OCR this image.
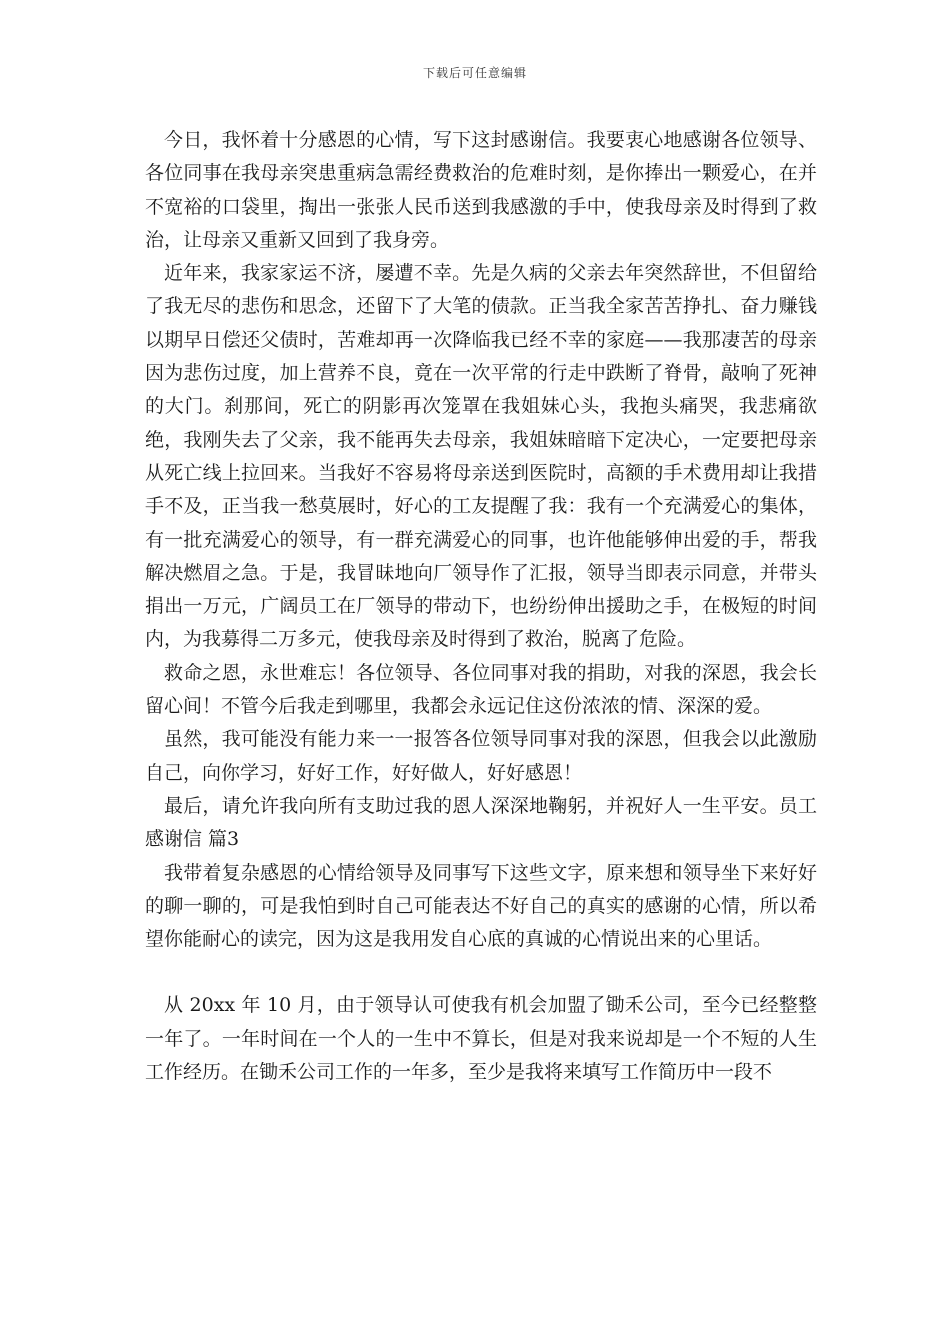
下载后可任意编辑

今日，我怀着十分感恩的心情，写下这封感谢信。我要衷心地感谢各位领导、各位同事在我母亲突患重病急需经费救治的危难时刻，是你捧出一颗爱心，在并不宽裕的口袋里，掏出一张张人民币送到我感激的手中，使我母亲及时得到了救治，让母亲又重新又回到了我身旁。

近年来，我家家运不济，屡遭不幸。先是久病的父亲去年突然辞世，不但留给了我无尽的悲伤和思念，还留下了大笔的债款。正当我全家苦苦挣扎、奋力赚钱以期早日偿还父债时，苦难却再一次降临我已经不幸的家庭——我那凄苦的母亲因为悲伤过度，加上营养不良，竟在一次平常的行走中跌断了脊骨，敲响了死神的大门。刹那间，死亡的阴影再次笼罩在我姐妹心头，我抱头痛哭，我悲痛欲绝，我刚失去了父亲，我不能再失去母亲，我姐妹暗暗下定决心，一定要把母亲从死亡线上拉回来。当我好不容易将母亲送到医院时，高额的手术费用却让我措手不及，正当我一愁莫展时，好心的工友提醒了我：我有一个充满爱心的集体，有一批充满爱心的领导，有一群充满爱心的同事，也许他能够伸出爱的手，帮我解决燃眉之急。于是，我冒昧地向厂领导作了汇报，领导当即表示同意，并带头捐出一万元，广阔员工在厂领导的带动下，也纷纷伸出援助之手，在极短的时间内，为我募得二万多元，使我母亲及时得到了救治，脱离了危险。

救命之恩，永世难忘！各位领导、各位同事对我的捐助，对我的深恩，我会长留心间！不管今后我走到哪里，我都会永远记住这份浓浓的情、深深的爱。

虽然，我可能没有能力来一一报答各位领导同事对我的深恩，但我会以此激励自己，向你学习，好好工作，好好做人，好好感恩！

最后，请允许我向所有支助过我的恩人深深地鞠躬，并祝好人一生平安。员工感谢信 篇3

我带着复杂感恩的心情给领导及同事写下这些文字，原来想和领导坐下来好好的聊一聊的，可是我怕到时自己可能表达不好自己的真实的感谢的心情，所以希望你能耐心的读完，因为这是我用发自心底的真诚的心情说出来的心里话。

从 20xx 年 10 月，由于领导认可使我有机会加盟了锄禾公司，至今已经整整一年了。一年时间在一个人的一生中不算长，但是对我来说却是一个不短的人生工作经历。在锄禾公司工作的一年多，至少是我将来填写工作简历中一段不
